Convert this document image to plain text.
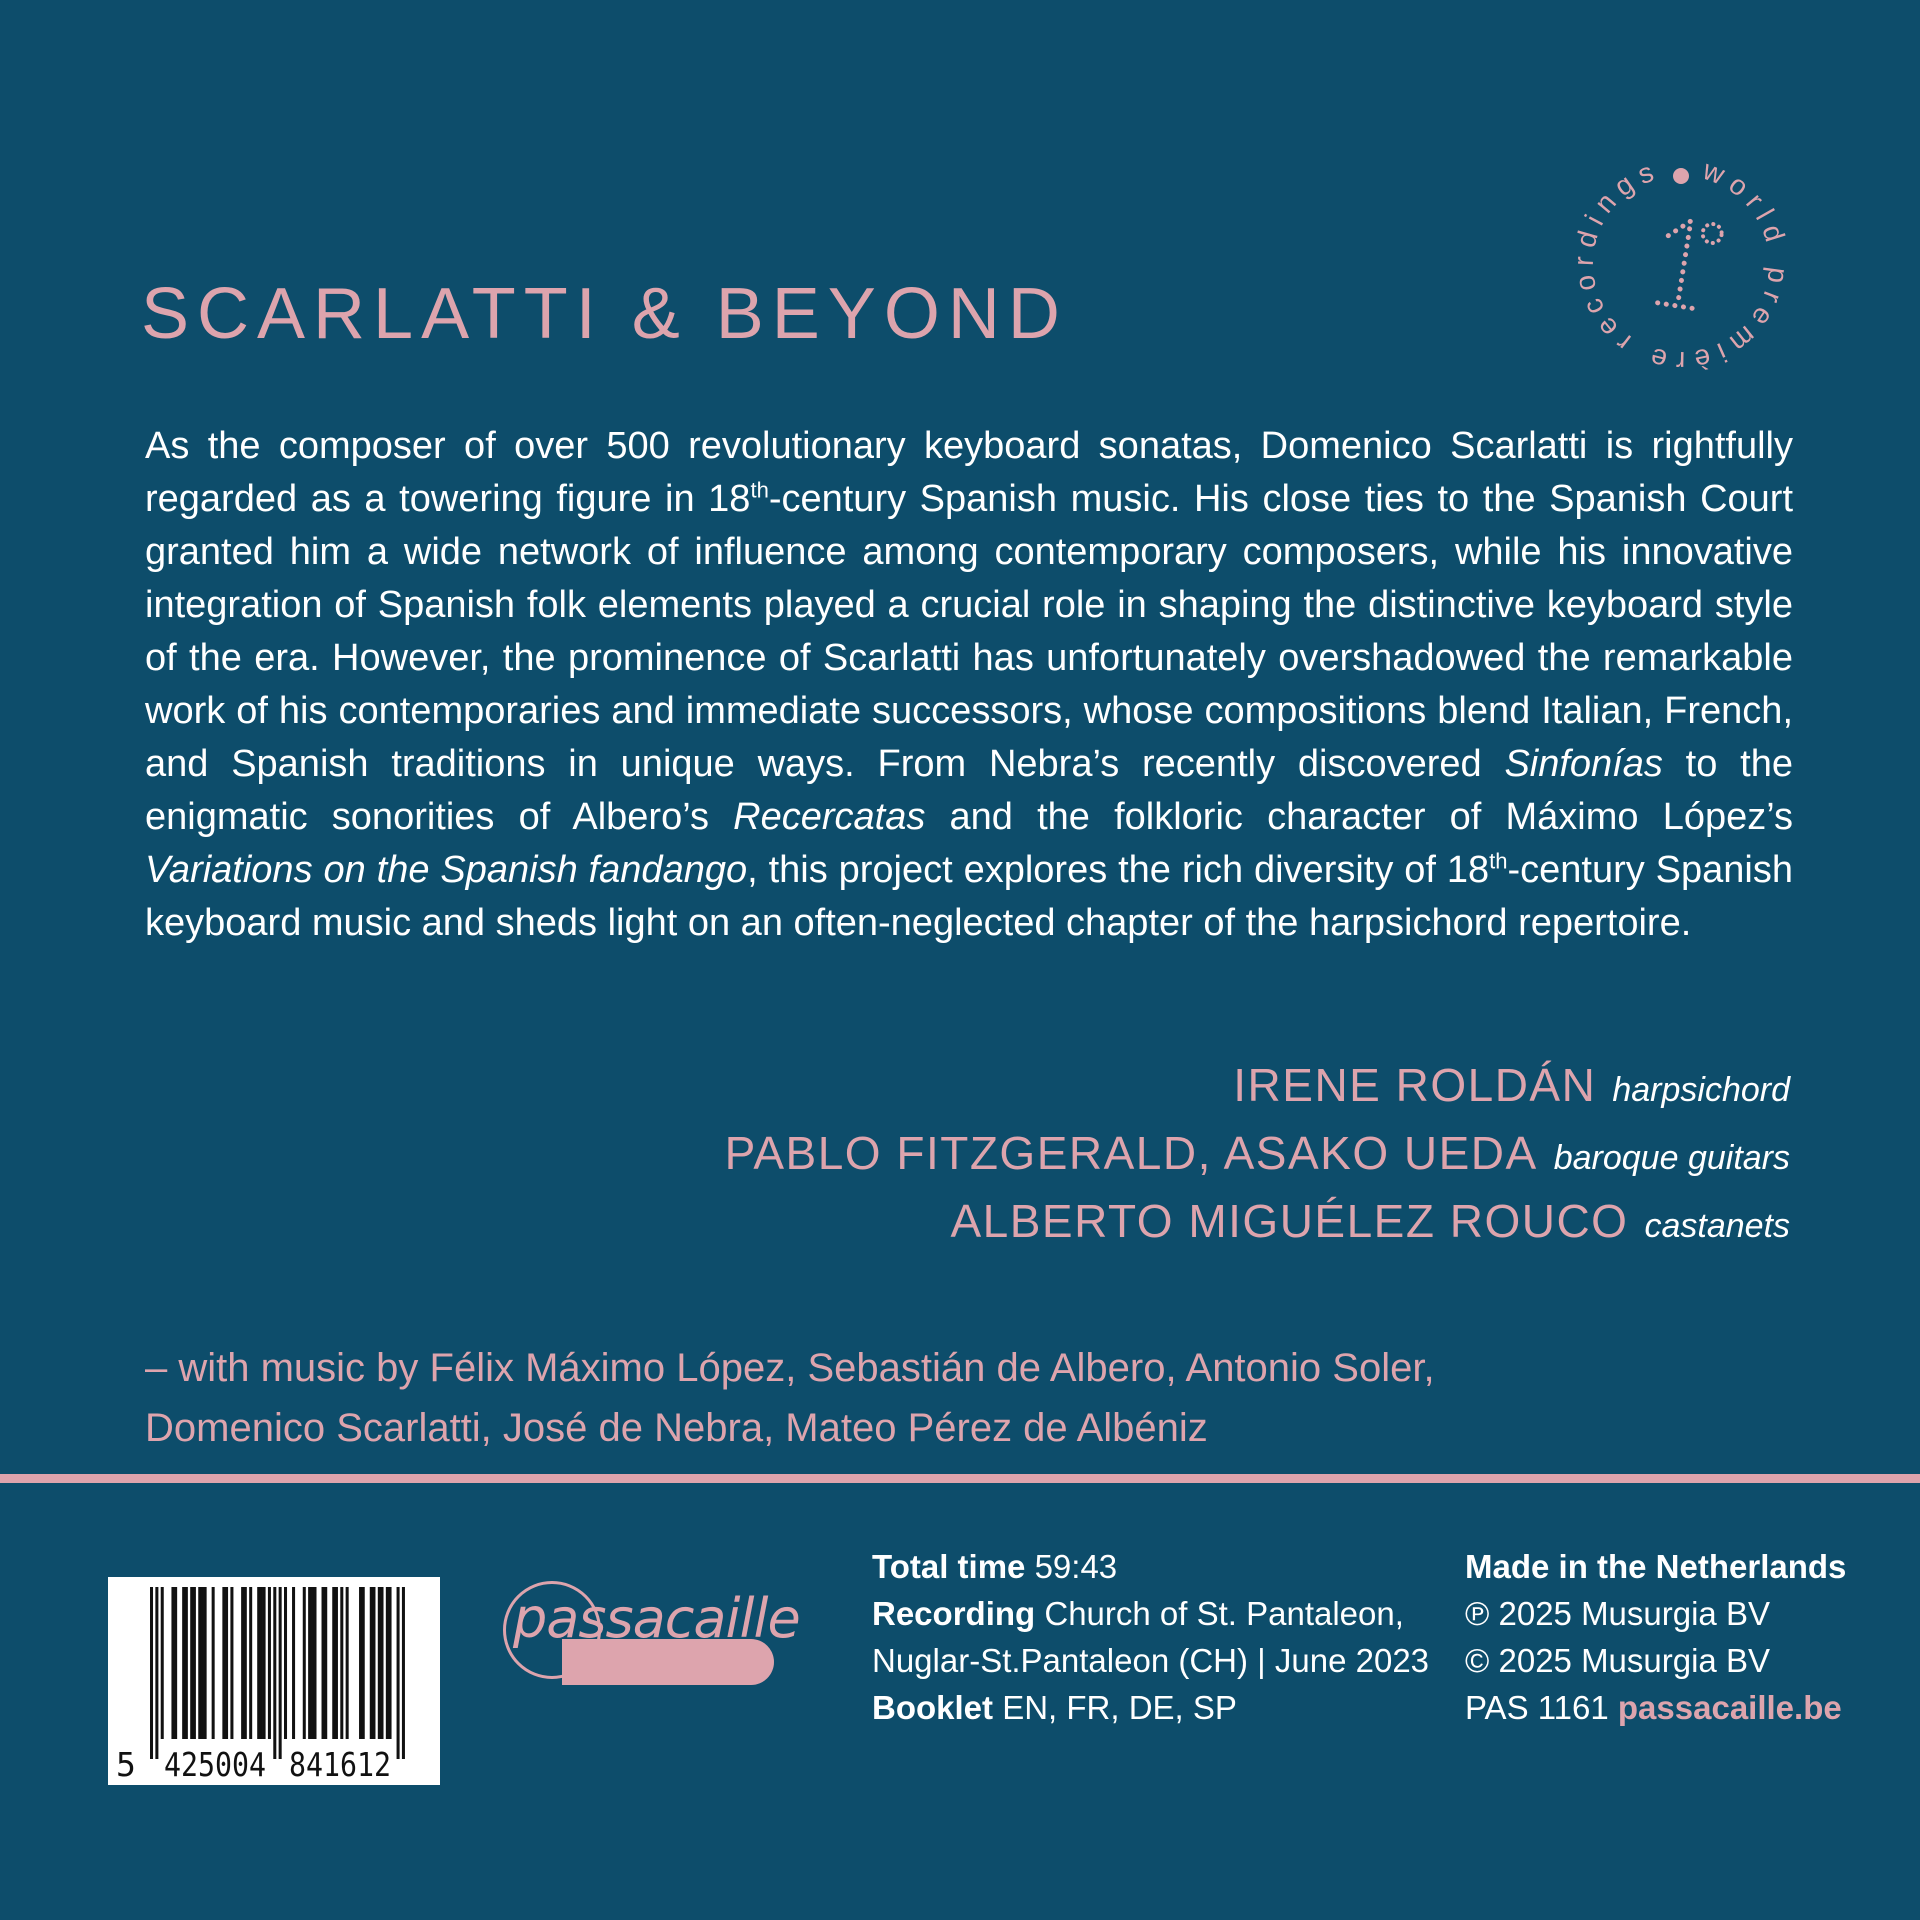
SCARLATTI & BEYOND
world première recordings

As the composer of over 500 revolutionary keyboard sonatas, Domenico Scarlatti is rightfully regarded as a towering figure in 18th-century Spanish music. His close ties to the Spanish Court granted him a wide network of influence among contemporary composers, while his innovative integration of Spanish folk elements played a crucial role in shaping the distinctive keyboard style of the era. However, the prominence of Scarlatti has unfortunately overshadowed the remarkable work of his contemporaries and immediate successors, whose compositions blend Italian, French, and Spanish traditions in unique ways. From Nebra’s recently discovered Sinfonías to the enigmatic sonorities of Albero’s Recercatas and the folkloric character of Máximo López’s Variations on the Spanish fandango, this project explores the rich diversity of 18th-century Spanish keyboard music and sheds light on an often-neglected chapter of the harpsichord repertoire.

IRENE ROLDÁN harpsichord
PABLO FITZGERALD, ASAKO UEDA baroque guitars
ALBERTO MIGUÉLEZ ROUCO castanets

– with music by Félix Máximo López, Sebastián de Albero, Antonio Soler,
Domenico Scarlatti, José de Nebra, Mateo Pérez de Albéniz

5 425004 841612
passacaille
Total time 59:43
Recording Church of St. Pantaleon,
Nuglar-St.Pantaleon (CH) | June 2023
Booklet EN, FR, DE, SP
Made in the Netherlands
℗ 2025 Musurgia BV
© 2025 Musurgia BV
PAS 1161 passacaille.be
